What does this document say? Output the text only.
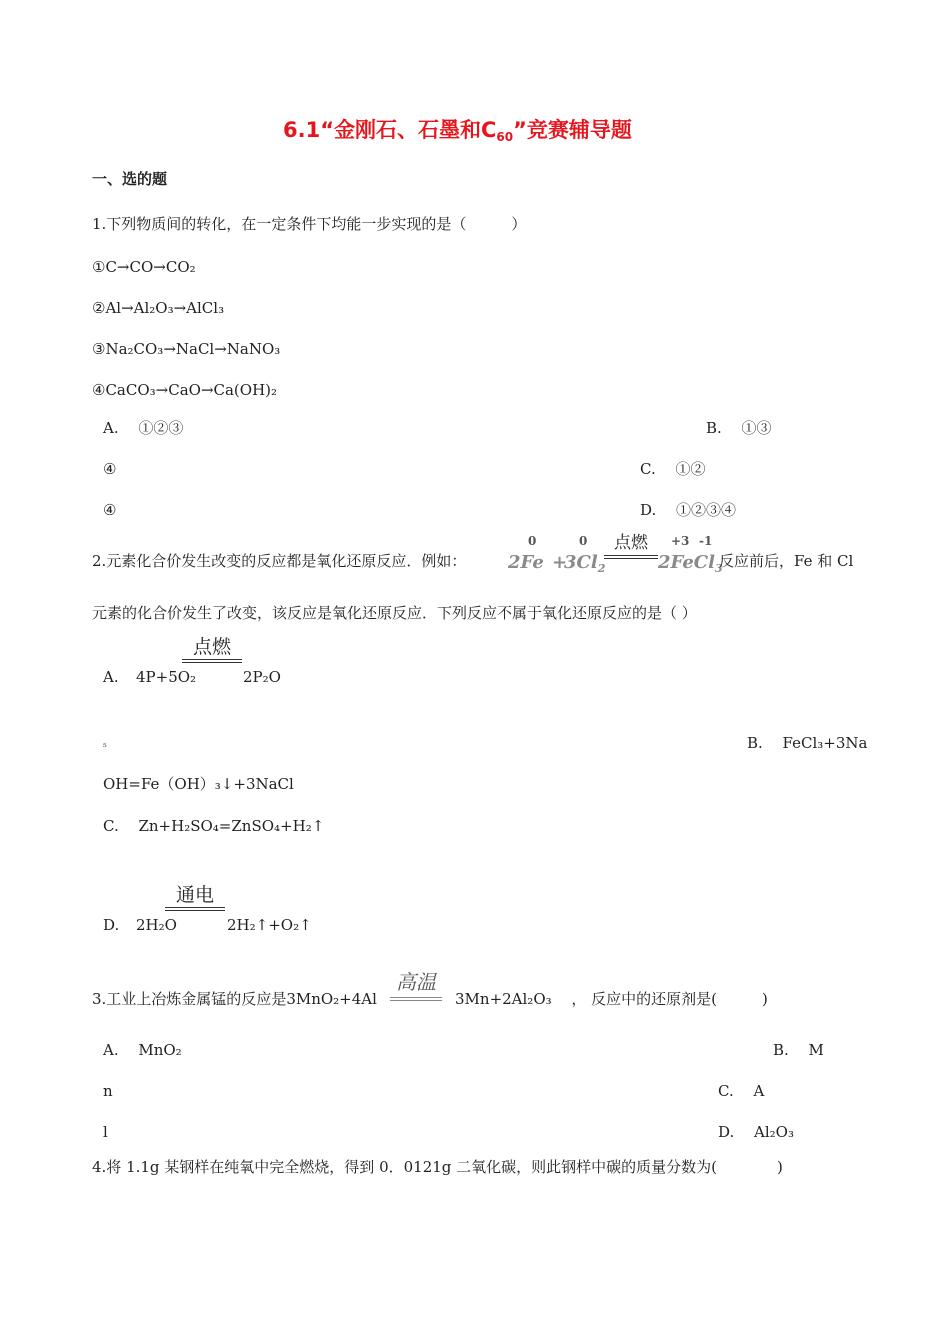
6.1“金刚石、石墨和$C_{60}$”竞赛辅导题
一、选的题
1.下列物质间的转化，在一定条件下均能一步实现的是（　　　）
①C→CO→CO₂
②Al→Al₂O₃→AlCl₃
③Na₂CO₃→NaCl→NaNO₃
④CaCO₃→CaO→Ca(OH)₂
A.　 ①②③	B.　 ①③
④	C.　 ①②
④	D.　 ①②③④
2.元素化合价发生改变的反应都是氧化还原反应．例如：
0	0	+3 -1
2Fe +
$3Cl_2$
点燃
2FeCl$_3$
反应前后，Fe 和 Cl
元素的化合价发生了改变，该反应是氧化还原反应．下列反应不属于氧化还原反应的是（ ）
A. 4P+5O₂
点燃
2P₂O
₅	B.　 FeCl₃+3Na
OH=Fe（OH）₃↓+3NaCl
C.　 Zn+H₂SO₄=ZnSO₄+H₂↑
D. 2H₂O
通电
2H₂↑+O₂↑
3.工业上冶炼金属锰的反应是3MnO₂+4Al
高温
3Mn+2Al₂O₃　 ， 反应中的还原剂是(　　　)
A.　 MnO₂	B.　 M
n	C.　 A
l	D.　 Al₂O₃
4.将 1.1g 某钢样在纯氧中完全燃烧，得到 0．0121g 二氧化碳，则此钢样中碳的质量分数为(　　　　)
